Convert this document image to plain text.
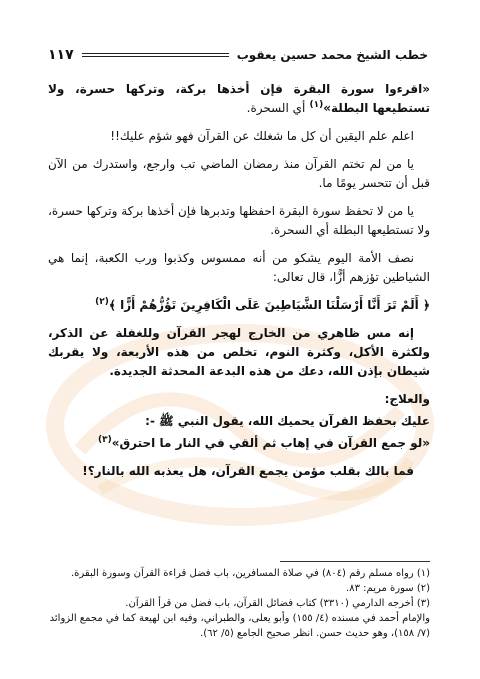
خطب الشيخ محمد حسين يعقوب
١١٧

«اقرءوا سورة البقرة فإن أخذها بركة، وتركها حسرة، ولا تستطيعها البطلة»$^{(١)}$ أي السحرة.

اعلم علم اليقين أن كل ما شغلك عن القرآن فهو شؤم عليك!!

يا من لم تختم القرآن منذ رمضان الماضي تب وارجع، واستدرك من الآن قبل أن تتحسر يومًا ما.

يا من لا تحفظ سورة البقرة احفظها وتدبرها فإن أخذها بركة وتركها حسرة، ولا تستطيعها البطلة أي السحرة.

نصف الأمة اليوم يشكو من أنه ممسوس وكذبوا ورب الكعبة، إنما هي الشياطين تؤزهم أزًّا، قال تعالى:

﴿ أَلَمْ تَرَ أَنَّا أَرْسَلْنَا الشَّيَاطِينَ عَلَى الْكَافِرِينَ تَؤُزُّهُمْ أَزًّا ﴾$^{(٢)}$

إنه مس ظاهري من الخارج لهجر القرآن وللغفلة عن الذكر، ولكثرة الأكل، وكثرة النوم، تخلص من هذه الأربعة، ولا يقربك شيطان بإذن الله، دعك من هذه البدعة المحدثة الجديدة.

والعلاج:

عليك بحفظ القرآن يحميك الله، يقول النبي ﷺ -:

«لو جمع القرآن في إهاب ثم ألقي في النار ما احترق»$^{(٣)}$

فما بالك بقلب مؤمن يجمع القرآن، هل يعذبه الله بالنار؟!

(١) رواه مسلم رقم (٨٠٤) في صلاة المسافرين، باب فضل قراءة القرآن وسورة البقرة.

(٢) سورة مريم: ٨٣.

(٣) أخرجه الدارمي (٣٣١٠) كتاب فضائل القرآن، باب فضل من قرأ القرآن.

والإمام أحمد في مسنده (٤/ ١٥٥) وأبو يعلى، والطبراني، وفيه ابن لهيعة كما في مجمع الزوائد (٧/ ١٥٨)، وهو حديث حسن. انظر صحيح الجامع (٥/ ٦٢).
